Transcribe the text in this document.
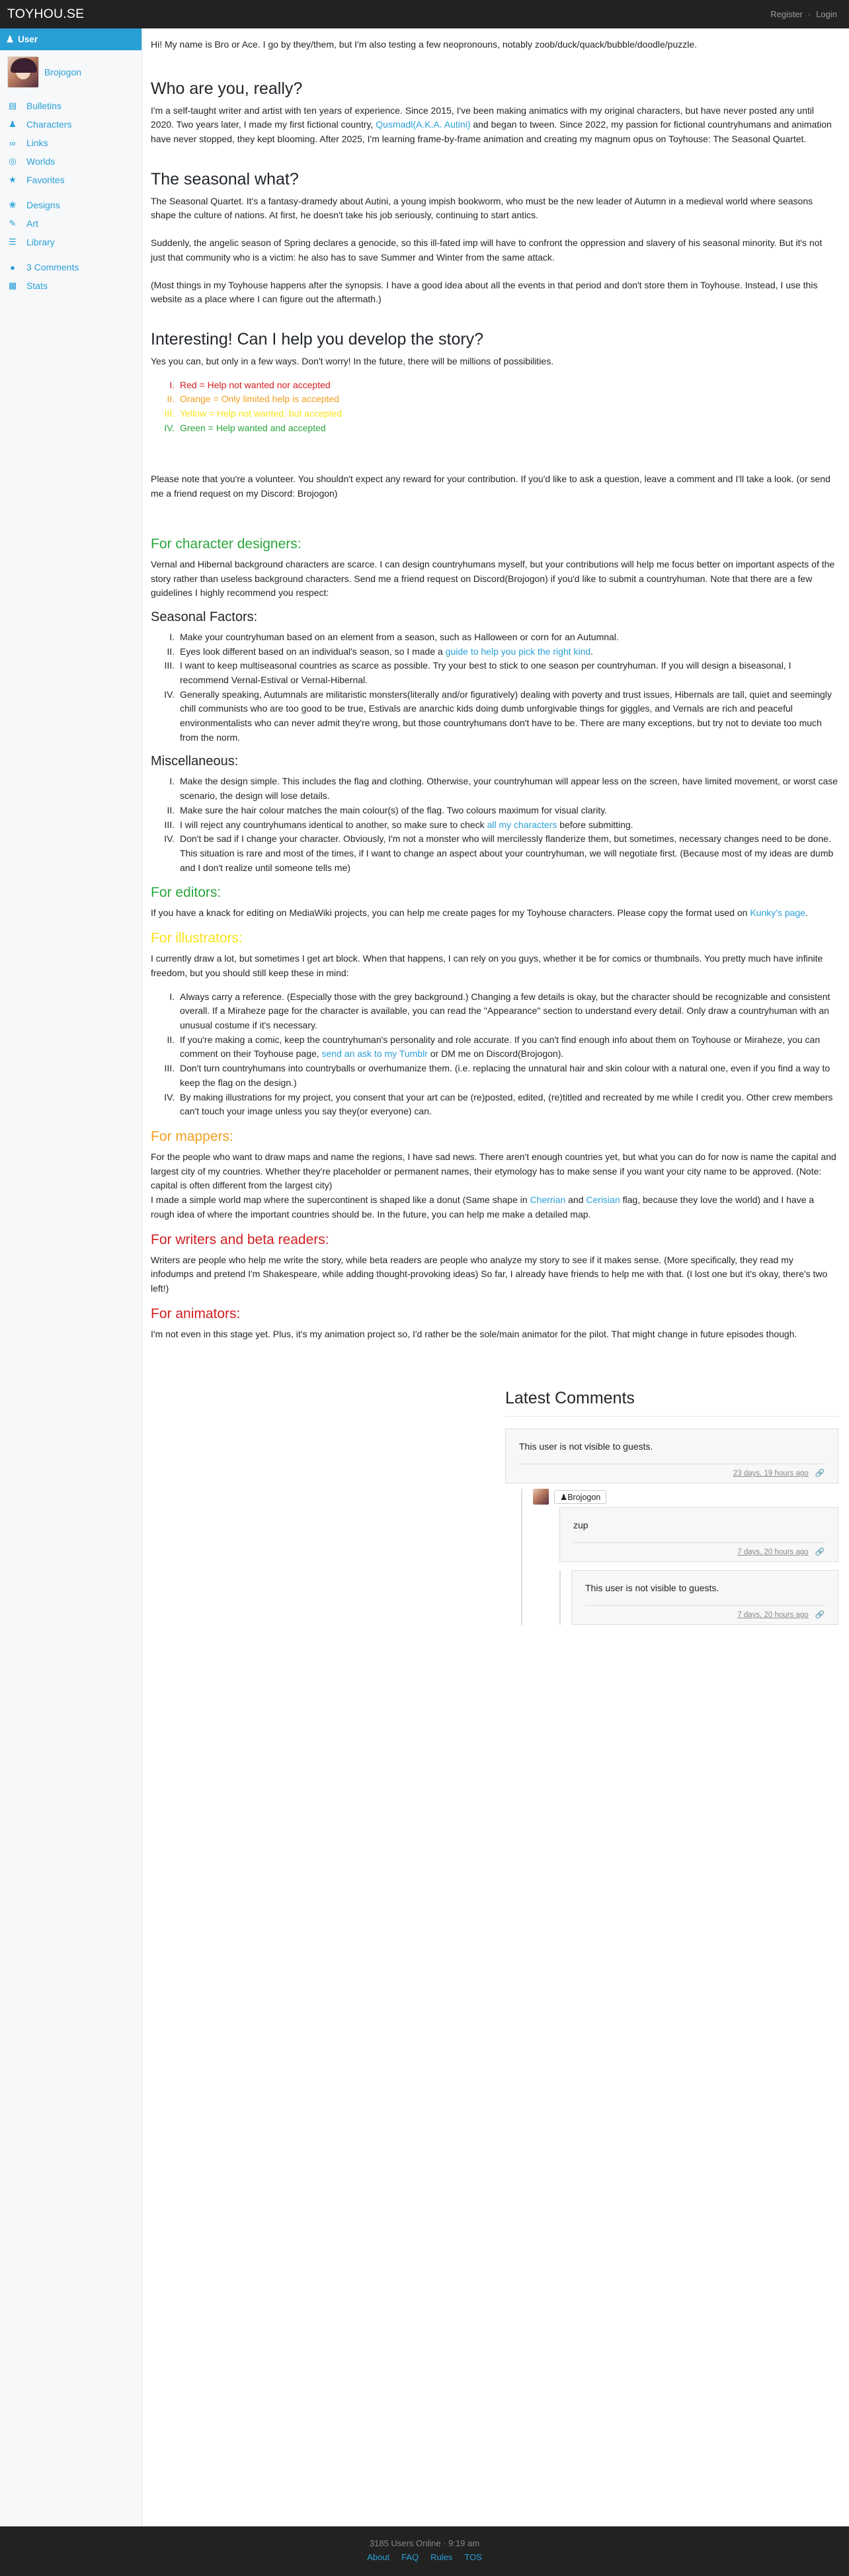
TOYHOU.SE	Register · Login
♟ User
Brojogon
▤ Bulletins
♟ Characters
∞ Links
◎ Worlds
★ Favorites
❀ Designs
✎ Art
☰ Library
● 3 Comments
▩ Stats

Hi! My name is Bro or Ace. I go by they/them, but I'm also testing a few neopronouns, notably zoob/duck/quack/bubble/doodle/puzzle.

Who are you, really?

I'm a self-taught writer and artist with ten years of experience. Since 2015, I've been making animatics with my original characters, but have never posted any until 2020. Two years later, I made my first fictional country, Qusmadl(A.K.A. Autini) and began to tween. Since 2022, my passion for fictional countryhumans and animation have never stopped, they kept blooming. After 2025, I'm learning frame-by-frame animation and creating my magnum opus on Toyhouse: The Seasonal Quartet.

The seasonal what?

The Seasonal Quartet. It's a fantasy-dramedy about Autini, a young impish bookworm, who must be the new leader of Autumn in a medieval world where seasons shape the culture of nations. At first, he doesn't take his job seriously, continuing to start antics.

Suddenly, the angelic season of Spring declares a genocide, so this ill-fated imp will have to confront the oppression and slavery of his seasonal minority. But it's not just that community who is a victim: he also has to save Summer and Winter from the same attack.

(Most things in my Toyhouse happens after the synopsis. I have a good idea about all the events in that period and don't store them in Toyhouse. Instead, I use this website as a place where I can figure out the aftermath.)

Interesting! Can I help you develop the story?

Yes you can, but only in a few ways. Don't worry! In the future, there will be millions of possibilities.

I. Red = Help not wanted nor accepted
II. Orange = Only limited help is accepted
III. Yellow = Help not wanted, but accepted
IV. Green = Help wanted and accepted

Please note that you're a volunteer. You shouldn't expect any reward for your contribution. If you'd like to ask a question, leave a comment and I'll take a look. (or send me a friend request on my Discord: Brojogon)

For character designers:

Vernal and Hibernal background characters are scarce. I can design countryhumans myself, but your contributions will help me focus better on important aspects of the story rather than useless background characters. Send me a friend request on Discord(Brojogon) if you'd like to submit a countryhuman. Note that there are a few guidelines I highly recommend you respect:

Seasonal Factors:
I. Make your countryhuman based on an element from a season, such as Halloween or corn for an Autumnal.
II. Eyes look different based on an individual's season, so I made a guide to help you pick the right kind.
III. I want to keep multiseasonal countries as scarce as possible. Try your best to stick to one season per countryhuman. If you will design a biseasonal, I recommend Vernal-Estival or Vernal-Hibernal.
IV. Generally speaking, Autumnals are militaristic monsters(literally and/or figuratively) dealing with poverty and trust issues, Hibernals are tall, quiet and seemingly chill communists who are too good to be true, Estivals are anarchic kids doing dumb unforgivable things for giggles, and Vernals are rich and peaceful environmentalists who can never admit they're wrong, but those countryhumans don't have to be. There are many exceptions, but try not to deviate too much from the norm.
Miscellaneous:
I. Make the design simple. This includes the flag and clothing. Otherwise, your countryhuman will appear less on the screen, have limited movement, or worst case scenario, the design will lose details.
II. Make sure the hair colour matches the main colour(s) of the flag. Two colours maximum for visual clarity.
III. I will reject any countryhumans identical to another, so make sure to check all my characters before submitting.
IV. Don't be sad if I change your character. Obviously, I'm not a monster who will mercilessly flanderize them, but sometimes, necessary changes need to be done. This situation is rare and most of the times, if I want to change an aspect about your countryhuman, we will negotiate first. (Because most of my ideas are dumb and I don't realize until someone tells me)
For editors:

If you have a knack for editing on MediaWiki projects, you can help me create pages for my Toyhouse characters. Please copy the format used on Kunky's page.

For illustrators:

I currently draw a lot, but sometimes I get art block. When that happens, I can rely on you guys, whether it be for comics or thumbnails. You pretty much have infinite freedom, but you should still keep these in mind:

I. Always carry a reference. (Especially those with the grey background.) Changing a few details is okay, but the character should be recognizable and consistent overall. If a Miraheze page for the character is available, you can read the "Appearance" section to understand every detail. Only draw a countryhuman with an unusual costume if it's necessary.
II. If you're making a comic, keep the countryhuman's personality and role accurate. If you can't find enough info about them on Toyhouse or Miraheze, you can comment on their Toyhouse page, send an ask to my Tumblr or DM me on Discord(Brojogon).
III. Don't turn countryhumans into countryballs or overhumanize them. (i.e. replacing the unnatural hair and skin colour with a natural one, even if you find a way to keep the flag on the design.)
IV. By making illustrations for my project, you consent that your art can be (re)posted, edited, (re)titled and recreated by me while I credit you. Other crew members can't touch your image unless you say they(or everyone) can.
For mappers:

For the people who want to draw maps and name the regions, I have sad news. There aren't enough countries yet, but what you can do for now is name the capital and largest city of my countries. Whether they're placeholder or permanent names, their etymology has to make sense if you want your city name to be approved. (Note: capital is often different from the largest city)

I made a simple world map where the supercontinent is shaped like a donut (Same shape in Cherrian and Cerisian flag, because they love the world) and I have a rough idea of where the important countries should be. In the future, you can help me make a detailed map.

For writers and beta readers:

Writers are people who help me write the story, while beta readers are people who analyze my story to see if it makes sense. (More specifically, they read my infodumps and pretend I'm Shakespeare, while adding thought-provoking ideas) So far, I already have friends to help me with that. (I lost one but it's okay, there's two left!)

For animators:

I'm not even in this stage yet. Plus, it's my animation project so, I'd rather be the sole/main animator for the pilot. That might change in future episodes though.

Latest Comments
This user is not visible to guests.
23 days, 19 hours ago 🔗
♟Brojogon
zup
7 days, 20 hours ago 🔗
This user is not visible to guests.
7 days, 20 hours ago 🔗
3185 Users Online · 9:19 am
About FAQ Rules TOS
